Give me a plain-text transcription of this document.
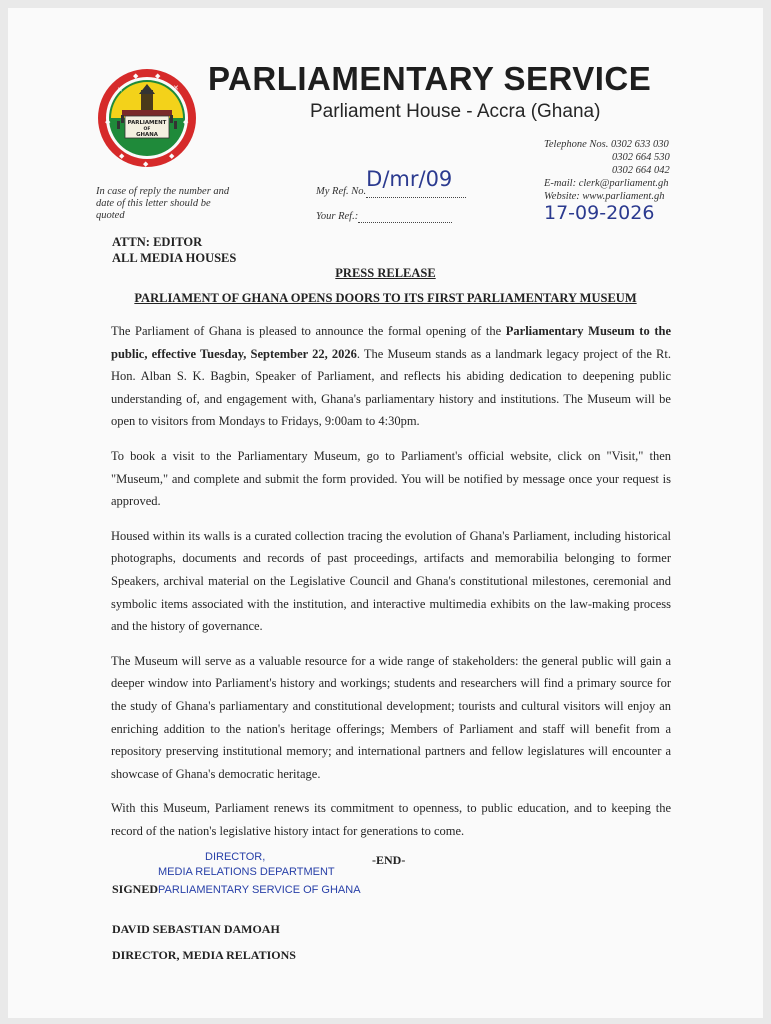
PARLIAMENT
OF
GHANA
✕
◆ ◆
✕
◆	◆
◆
◆
◆
PARLIAMENTARY SERVICE
Parliament House - Accra (Ghana)
Telephone Nos. 0302 633 030
0302 664 530
0302 664 042
E-mail: clerk@parliament.gh
Website: www.parliament.gh
In case of reply the number and date of this letter should be quoted
My Ref. No.
D/mr/09

Your Ref.:	17-09-2026
ATTN: EDITOR
ALL MEDIA HOUSES
PRESS RELEASE
PARLIAMENT OF GHANA OPENS DOORS TO ITS FIRST PARLIAMENTARY MUSEUM

The Parliament of Ghana is pleased to announce the formal opening of the Parliamentary Museum to the public, effective Tuesday, September 22, 2026. The Museum stands as a landmark legacy project of the Rt. Hon. Alban S. K. Bagbin, Speaker of Parliament, and reflects his abiding dedication to deepening public understanding of, and engagement with, Ghana's parliamentary history and institutions. The Museum will be open to visitors from Mondays to Fridays, 9:00am to 4:30pm.

To book a visit to the Parliamentary Museum, go to Parliament's official website, click on "Visit," then "Museum," and complete and submit the form provided. You will be notified by message once your request is approved.

Housed within its walls is a curated collection tracing the evolution of Ghana's Parliament, including historical photographs, documents and records of past proceedings, artifacts and memorabilia belonging to former Speakers, archival material on the Legislative Council and Ghana's constitutional milestones, ceremonial and symbolic items associated with the institution, and interactive multimedia exhibits on the law-making process and the history of governance.

The Museum will serve as a valuable resource for a wide range of stakeholders: the general public will gain a deeper window into Parliament's history and workings; students and researchers will find a primary source for the study of Ghana's parliamentary and constitutional development; tourists and cultural visitors will enjoy an enriching addition to the nation's heritage offerings; Members of Parliament and staff will benefit from a repository preserving institutional memory; and international partners and fellow legislatures will encounter a showcase of Ghana's democratic heritage.

With this Museum, Parliament renews its commitment to openness, to public education, and to keeping the record of the nation's legislative history intact for generations to come.

DIRECTOR,
MEDIA RELATIONS DEPARTMENT
-END-
SIGNEDPARLIAMENTARY SERVICE OF GHANA
DAVID SEBASTIAN DAMOAH
DIRECTOR, MEDIA RELATIONS
